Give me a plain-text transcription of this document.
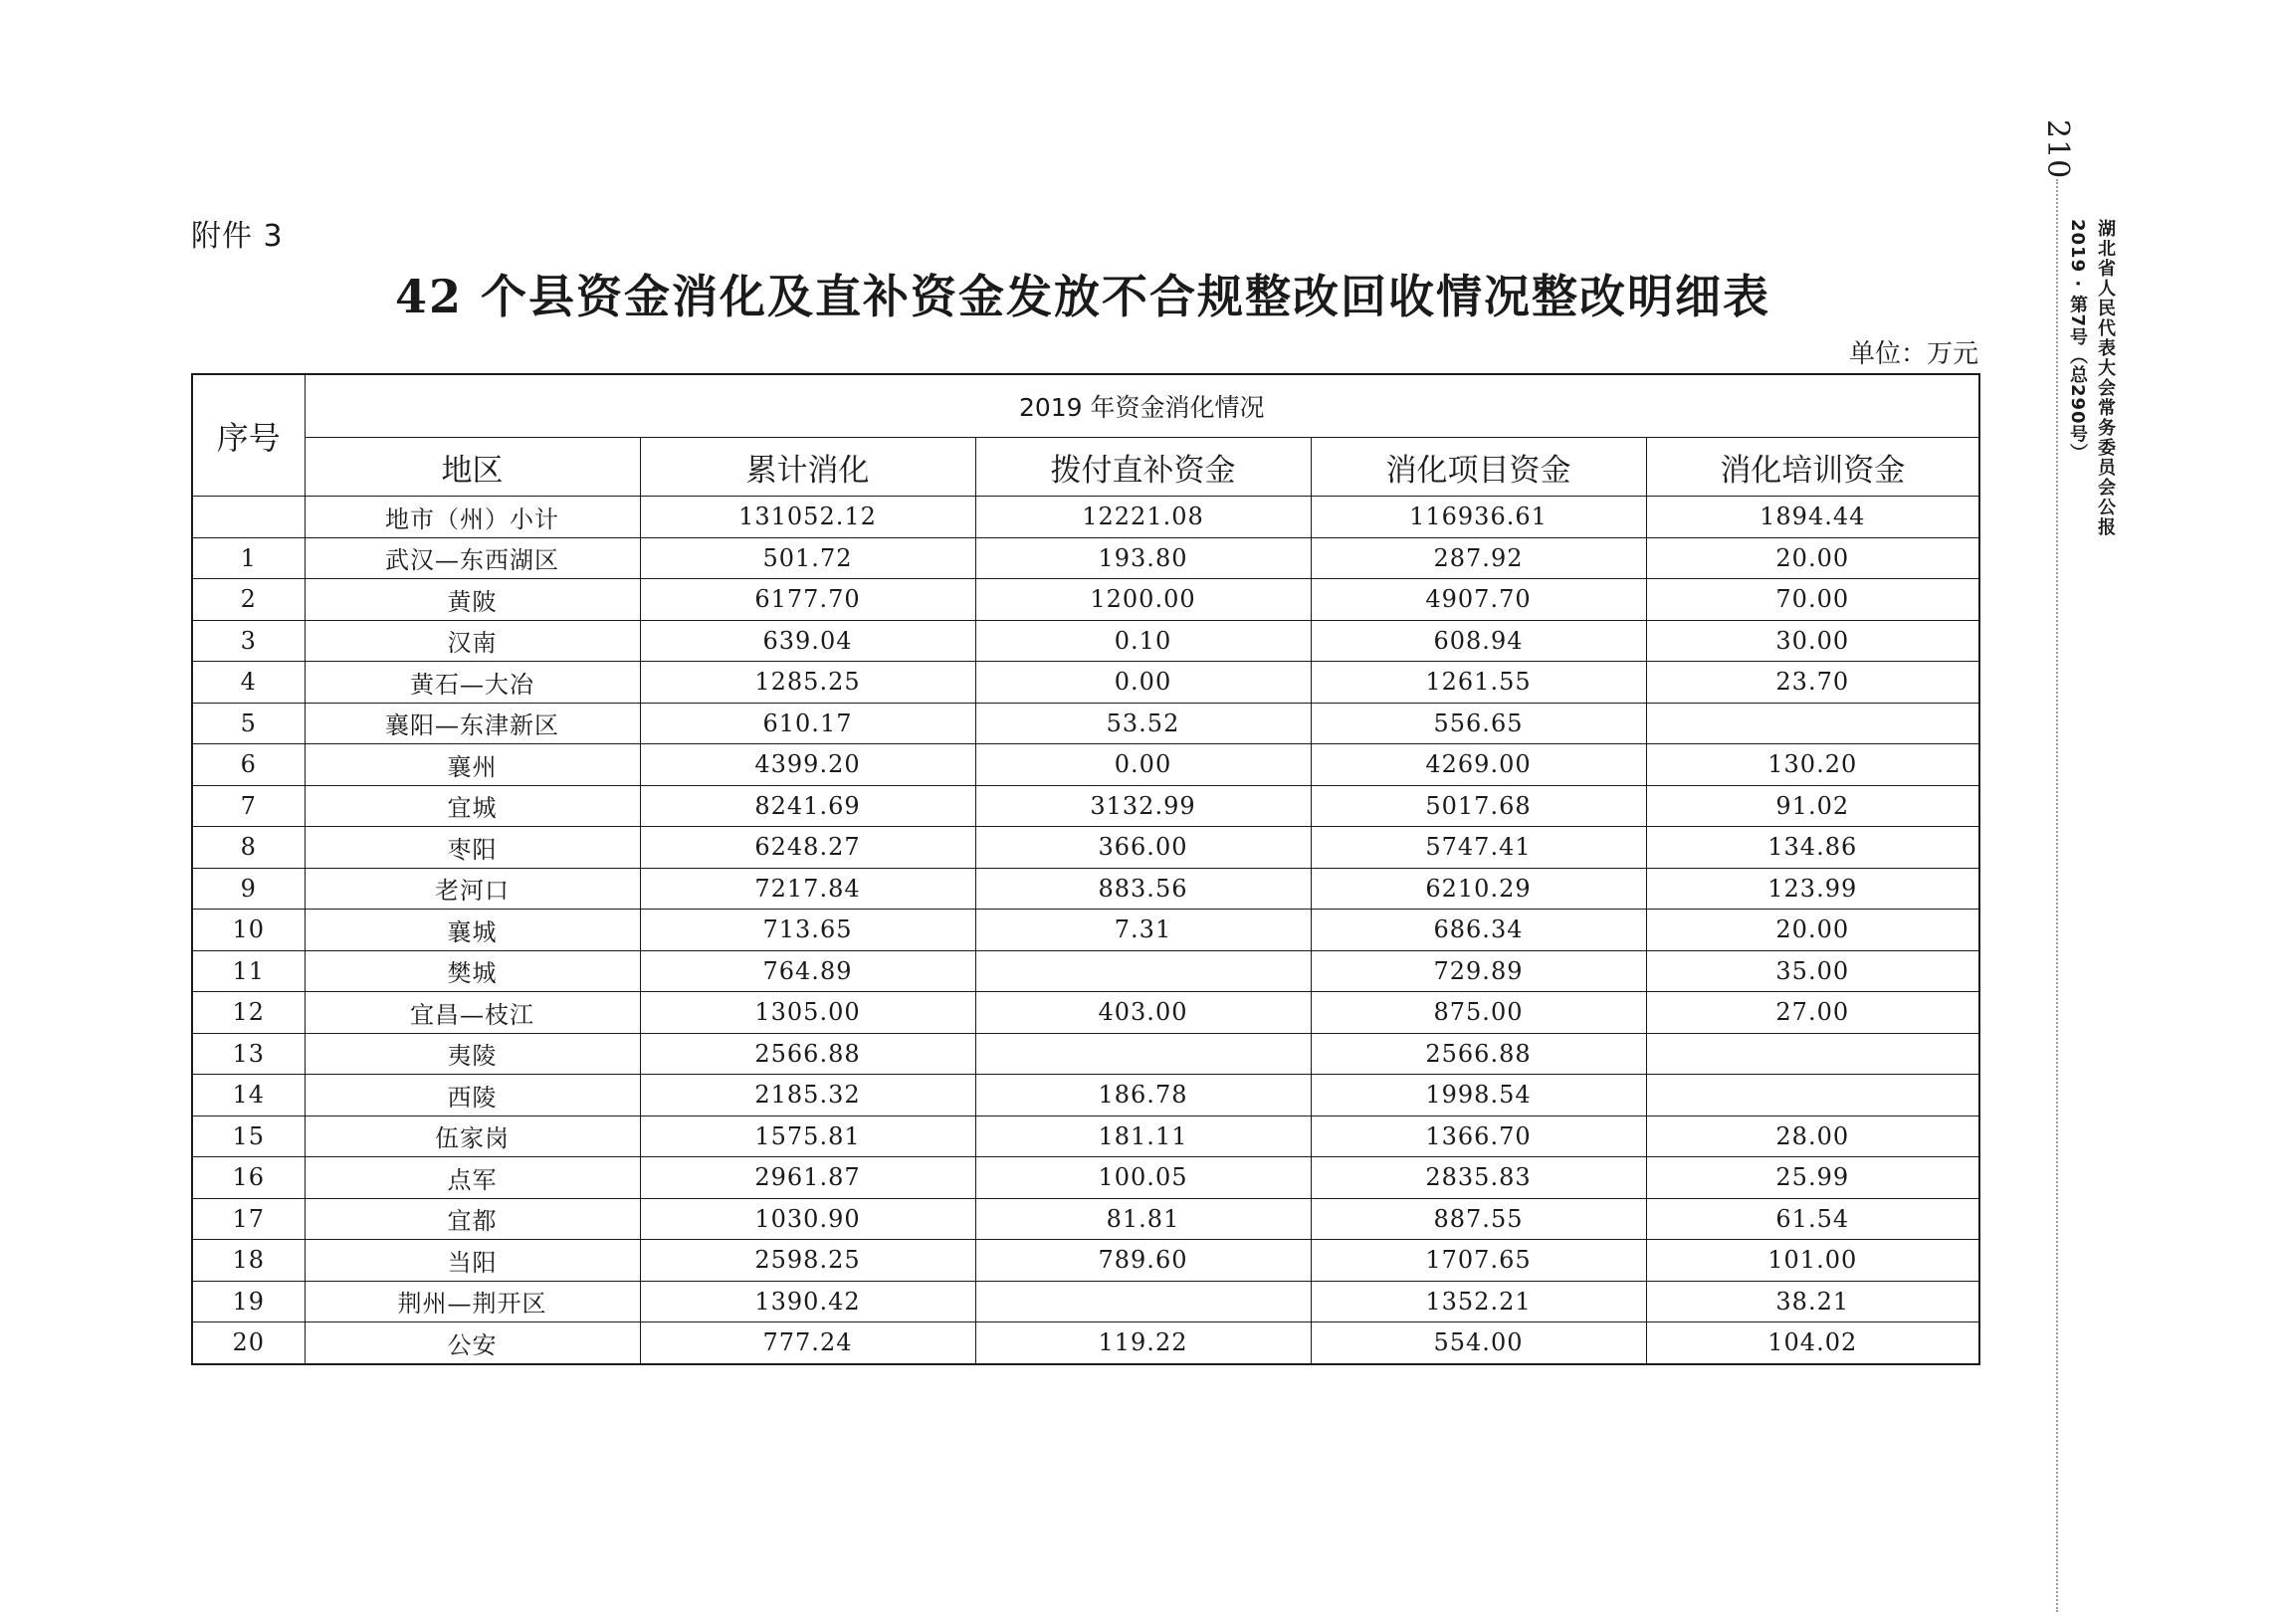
附件 3
42 个县资金消化及直补资金发放不合规整改回收情况整改明细表
单位：万元
序号	2019 年资金消化情况				
	地区	累计消化	拨付直补资金	消化项目资金	消化培训资金
	地市（州）小计	131052.12	12221.08	116936.61	1894.44
1	武汉—东西湖区	501.72	193.80	287.92	20.00
2	黄陂	6177.70	1200.00	4907.70	70.00
3	汉南	639.04	0.10	608.94	30.00
4	黄石—大冶	1285.25	0.00	1261.55	23.70
5	襄阳—东津新区	610.17	53.52	556.65	
6	襄州	4399.20	0.00	4269.00	130.20
7	宜城	8241.69	3132.99	5017.68	91.02
8	枣阳	6248.27	366.00	5747.41	134.86
9	老河口	7217.84	883.56	6210.29	123.99
10	襄城	713.65	7.31	686.34	20.00
11	樊城	764.89		729.89	35.00
12	宜昌—枝江	1305.00	403.00	875.00	27.00
13	夷陵	2566.88		2566.88	
14	西陵	2185.32	186.78	1998.54	
15	伍家岗	1575.81	181.11	1366.70	28.00
16	点军	2961.87	100.05	2835.83	25.99
17	宜都	1030.90	81.81	887.55	61.54
18	当阳	2598.25	789.60	1707.65	101.00
19	荆州—荆开区	1390.42		1352.21	38.21
20	公安	777.24	119.22	554.00	104.02
210
湖北省人民代表大会常务委员会公报
2019 · 第7号（总290号）
